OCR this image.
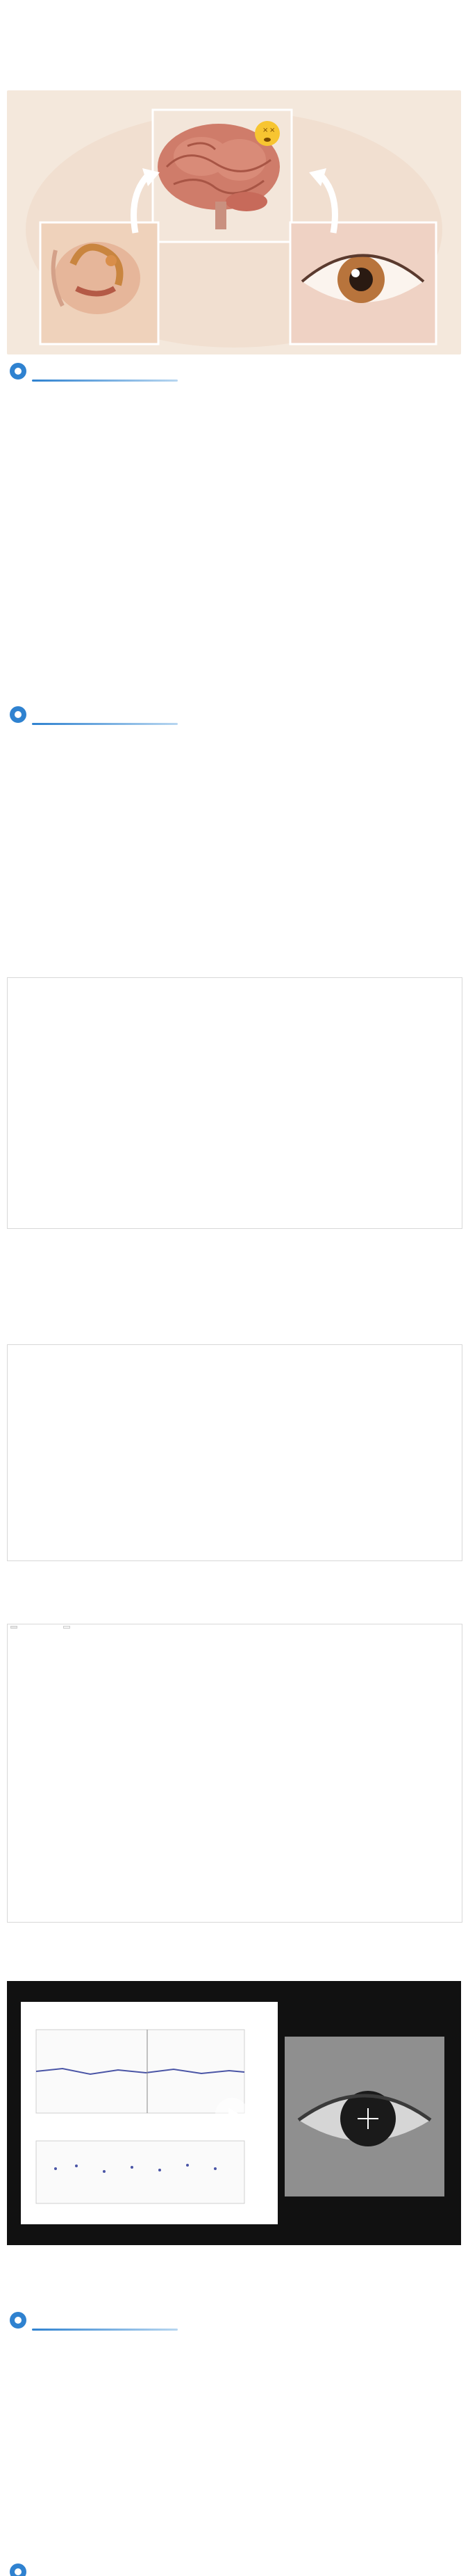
× ×
